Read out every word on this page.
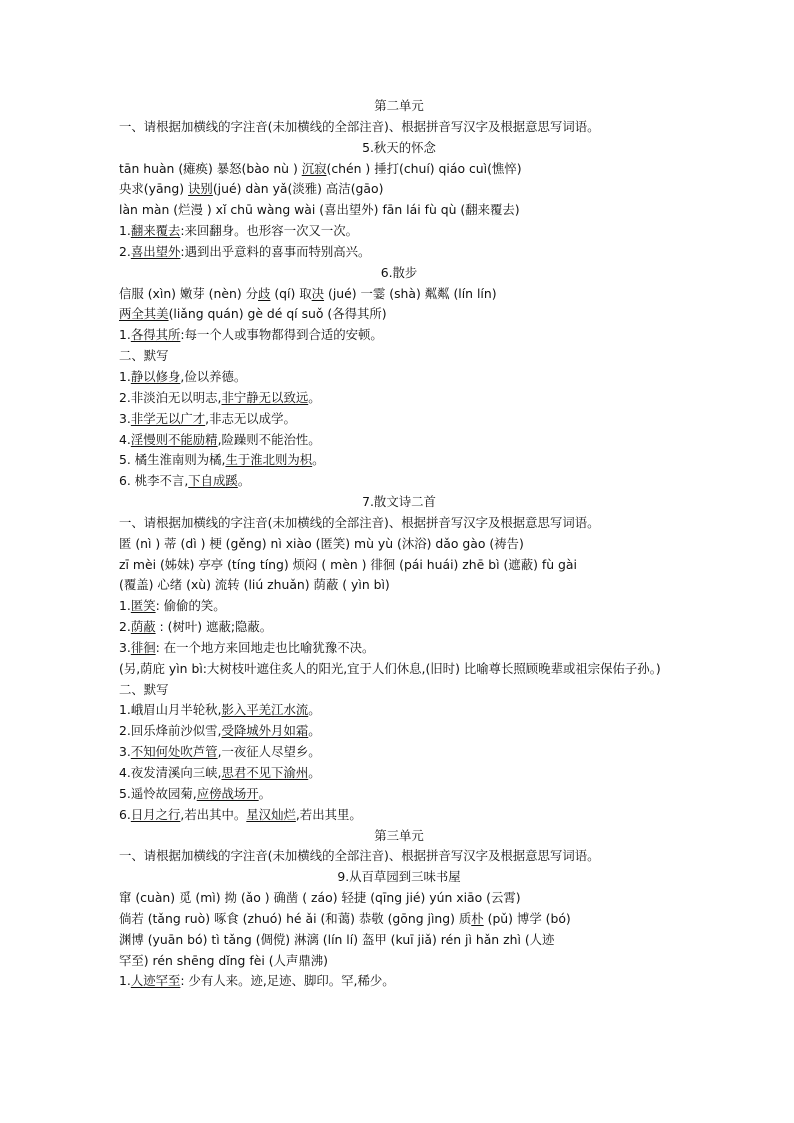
第二单元
一、请根据加横线的字注音(未加横线的全部注音)、根据拼音写汉字及根据意思写词语。
5.秋天的怀念
tān huàn (瘫痪) 暴怒(bào nù ) 沉寂(chén ) 捶打(chuí) qiáo cuì(憔悴)
央求(yāng) 诀别(jué) dàn yǎ(淡雅) 高洁(gāo)
làn màn (烂漫 ) xǐ chū wàng wài (喜出望外) fān lái fù qù (翻来覆去)
1.翻来覆去:来回翻身。也形容一次又一次。
2.喜出望外:遇到出乎意料的喜事而特别高兴。
6.散步
信服 (xìn) 嫩芽 (nèn) 分歧 (qí) 取决 (jué) 一霎 (shà) 粼粼 (lín lín)
两全其美(liǎng quán) gè dé qí suǒ (各得其所)
1.各得其所:每一个人或事物都得到合适的安顿。
二、默写
1.静以修身,俭以养德。
2.非淡泊无以明志,非宁静无以致远。
3.非学无以广才,非志无以成学。
4.淫慢则不能励精,险躁则不能治性。
5. 橘生淮南则为橘,生于淮北则为枳。
6. 桃李不言,下自成蹊。
7.散文诗二首
一、请根据加横线的字注音(未加横线的全部注音)、根据拼音写汉字及根据意思写词语。
匿 (nì ) 蒂 (dì ) 梗 (gěng) nì xiào (匿笑) mù yù (沐浴) dǎo gào (祷告)
zī mèi (姊妹) 亭亭 (tíng tíng) 烦闷 ( mèn ) 徘徊 (pái huái) zhē bì (遮蔽) fù gài
(覆盖) 心绪 (xù) 流转 (liú zhuǎn) 荫蔽 ( yìn bì)
1.匿笑: 偷偷的笑。
2.荫蔽 : (树叶) 遮蔽;隐蔽。
3.徘徊: 在一个地方来回地走也比喻犹豫不决。
(另,荫庇 yìn bì:大树枝叶遮住炙人的阳光,宜于人们休息,(旧时) 比喻尊长照顾晚辈或祖宗保佑子孙。)
二、默写
1.峨眉山月半轮秋,影入平羌江水流。
2.回乐烽前沙似雪,受降城外月如霜。
3.不知何处吹芦管,一夜征人尽望乡。
4.夜发清溪向三峡,思君不见下渝州。
5.遥怜故园菊,应傍战场开。
6.日月之行,若出其中。星汉灿烂,若出其里。
第三单元
一、请根据加横线的字注音(未加横线的全部注音)、根据拼音写汉字及根据意思写词语。
9.从百草园到三味书屋
窜 (cuàn) 觅 (mì) 拗 (ǎo ) 确凿 ( záo) 轻捷 (qīng jié) yún xiāo (云霄)
倘若 (tǎng ruò) 啄食 (zhuó) hé ǎi (和蔼) 恭敬 (gōng jìng) 质朴 (pǔ) 博学 (bó)
渊博 (yuān bó) tì tǎng (倜傥) 淋漓 (lín lí) 盔甲 (kuī jiǎ) rén jì hǎn zhì (人迹
罕至) rén shēng dǐng fèi (人声鼎沸)
1.人迹罕至: 少有人来。迹,足迹、脚印。罕,稀少。
